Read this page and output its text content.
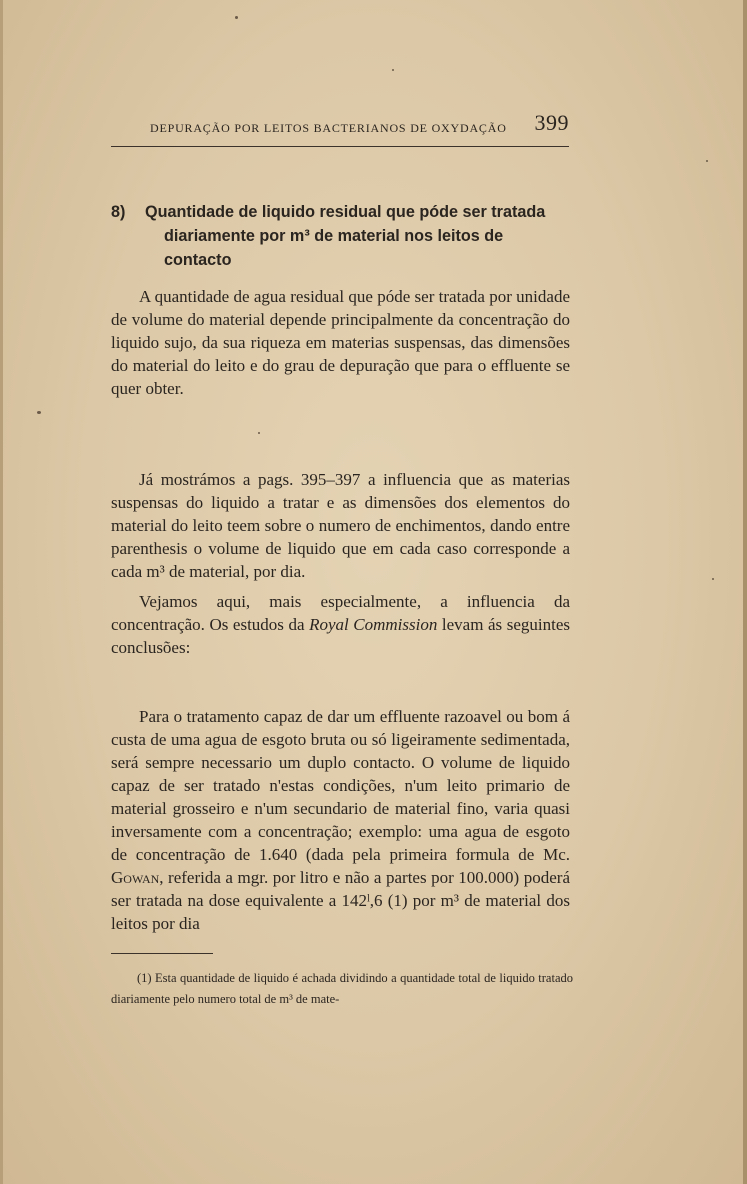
DEPURAÇÃO POR LEITOS BACTERIANOS DE OXYDAÇÃO 399
8) Quantidade de liquido residual que póde ser tratada
diariamente por m³ de material nos leitos de contacto
A quantidade de agua residual que póde ser tratada por unidade de volume do material depende principalmente da concentração do liquido sujo, da sua riqueza em materias suspensas, das dimensões do material do leito e do grau de depuração que para o effluente se quer obter.
Já mostrámos a pags. 395–397 a influencia que as materias suspensas do liquido a tratar e as dimensões dos elementos do material do leito teem sobre o numero de enchimentos, dando entre parenthesis o volume de liquido que em cada caso corresponde a cada m³ de material, por dia.
Vejamos aqui, mais especialmente, a influencia da concentração. Os estudos da Royal Commission levam ás seguintes conclusões:
Para o tratamento capaz de dar um effluente razoavel ou bom á custa de uma agua de esgoto bruta ou só ligeiramente sedimentada, será sempre necessario um duplo contacto. O volume de liquido capaz de ser tratado n'estas condições, n'um leito primario de material grosseiro e n'um secundario de material fino, varia quasi inversamente com a concentração; exemplo: uma agua de esgoto de concentração de 1.640 (dada pela primeira formula de Mc. Gowan, referida a mgr. por litro e não a partes por 100.000) poderá ser tratada na dose equivalente a 142ˡ,6 (1) por m³ de material dos leitos por dia
(1) Esta quantidade de liquido é achada dividindo a quantidade total de liquido tratado diariamente pelo numero total de m³ de mate-
